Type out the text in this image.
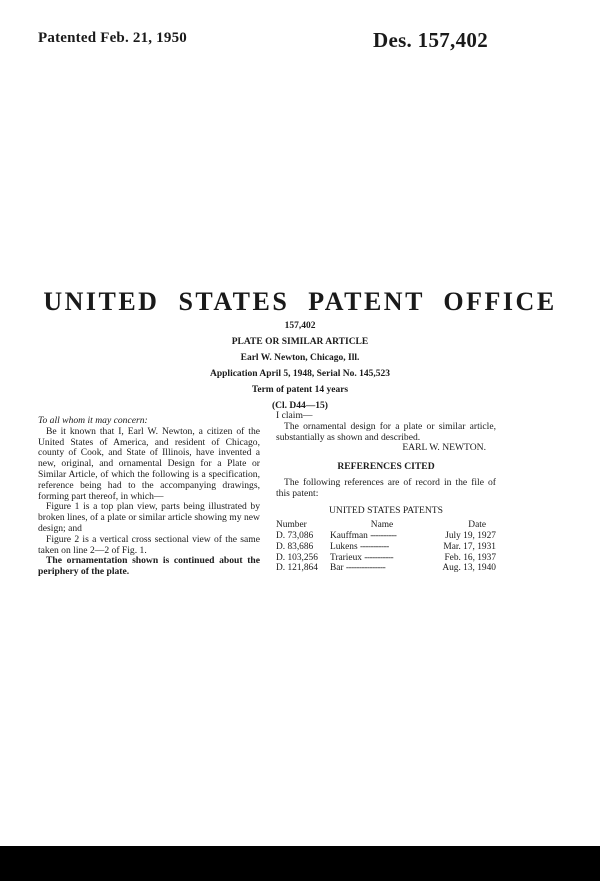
Patented Feb. 21, 1950	Des. 157,402
UNITED STATES PATENT OFFICE
157,402
PLATE OR SIMILAR ARTICLE
Earl W. Newton, Chicago, Ill.
Application April 5, 1948, Serial No. 145,523
Term of patent 14 years
(Cl. D44—15)

To all whom it may concern:

Be it known that I, Earl W. Newton, a citizen of the United States of America, and resident of Chicago, county of Cook, and State of Illinois, have invented a new, original, and ornamental Design for a Plate or Similar Article, of which the following is a specification, reference being had to the accompanying drawings, forming part thereof, in which—

Figure 1 is a top plan view, parts being illustrated by broken lines, of a plate or similar article showing my new design; and

Figure 2 is a vertical cross sectional view of the same taken on line 2—2 of Fig. 1.

The ornamentation shown is continued about the periphery of the plate.

I claim—

The ornamental design for a plate or similar article, substantially as shown and described.

EARL W. NEWTON.

REFERENCES CITED

The following references are of record in the file of this patent:

UNITED STATES PATENTS

Number	Name	Date
D. 73,086	Kauffman ----------	July 19, 1927
D. 83,686	Lukens -----------	Mar. 17, 1931
D. 103,256	Trarieux -----------	Feb. 16, 1937
D. 121,864	Bar ---------------	Aug. 13, 1940
